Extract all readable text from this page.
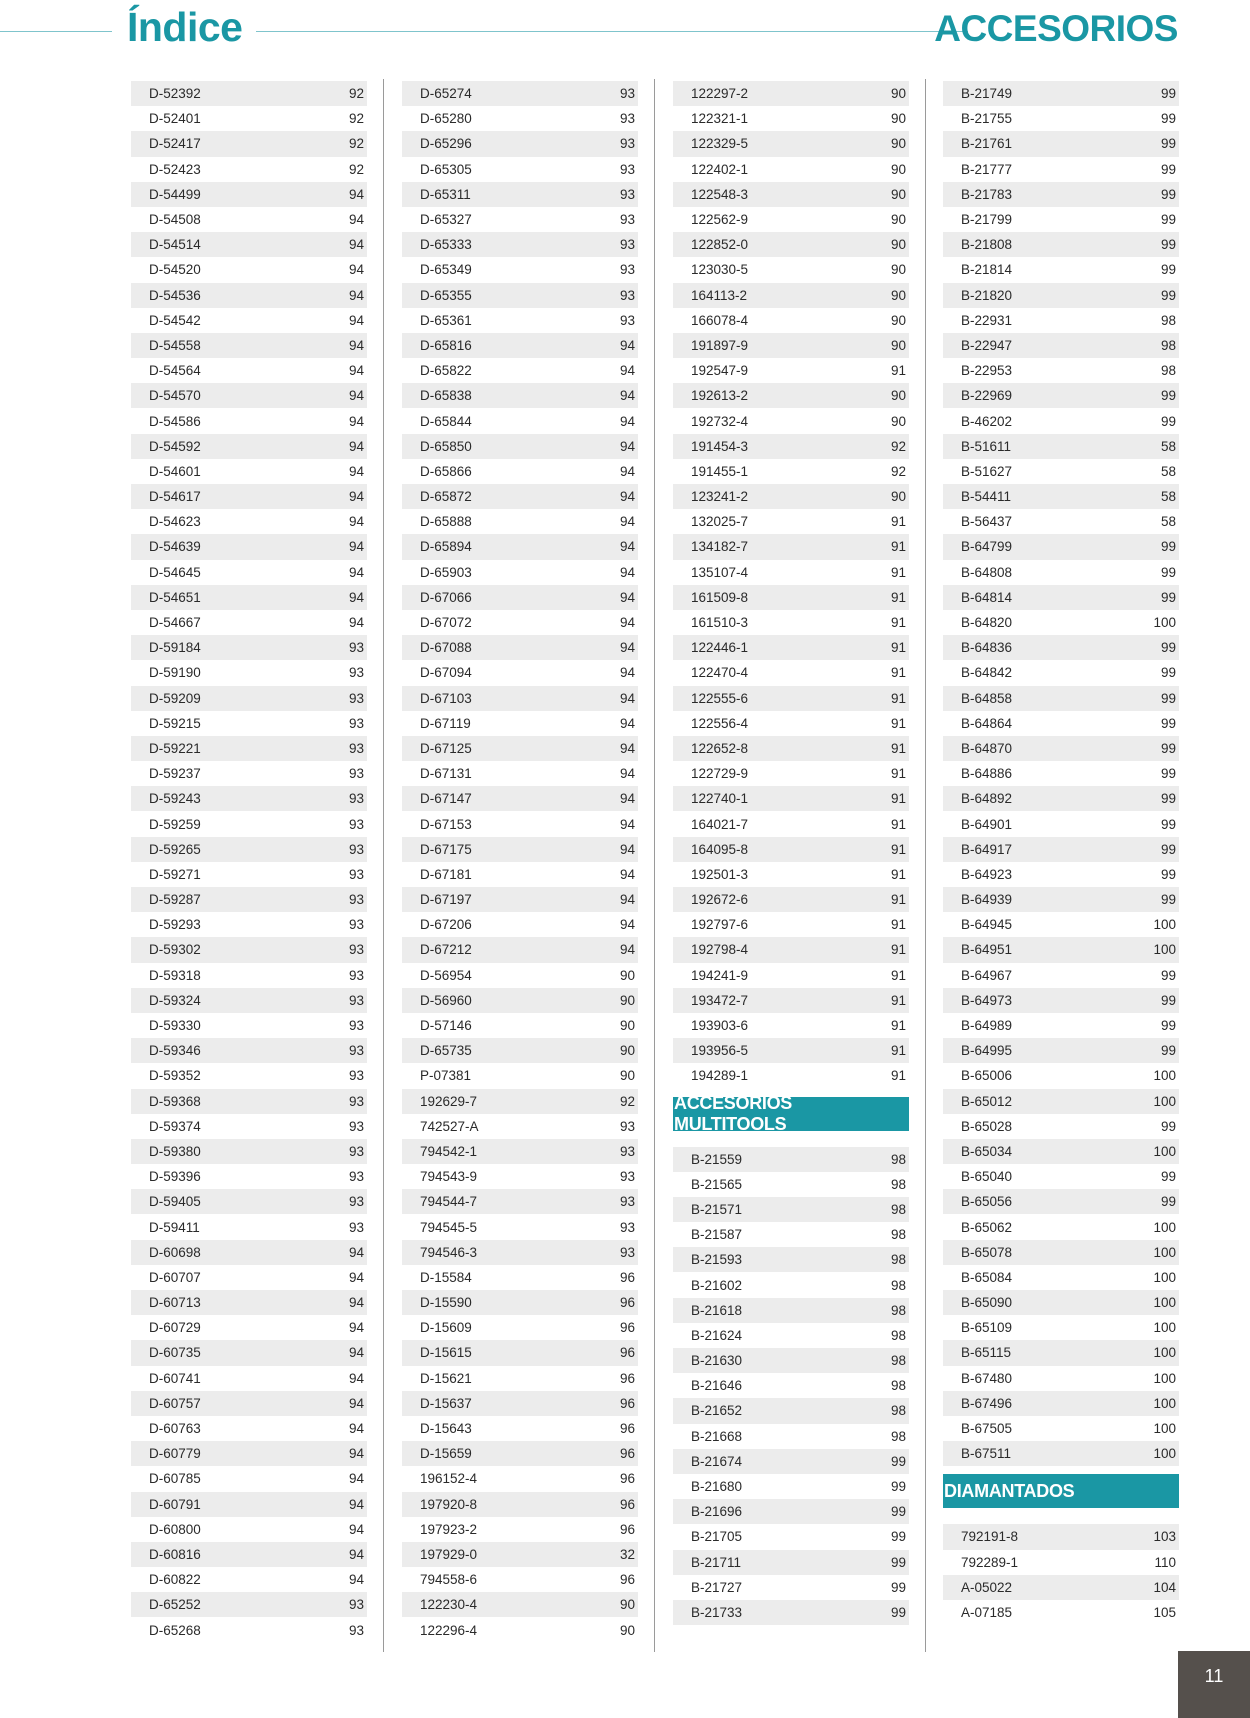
Índice	ACCESORIOS
D-52392	92
D-52401	92
D-52417	92
D-52423	92
D-54499	94
D-54508	94
D-54514	94
D-54520	94
D-54536	94
D-54542	94
D-54558	94
D-54564	94
D-54570	94
D-54586	94
D-54592	94
D-54601	94
D-54617	94
D-54623	94
D-54639	94
D-54645	94
D-54651	94
D-54667	94
D-59184	93
D-59190	93
D-59209	93
D-59215	93
D-59221	93
D-59237	93
D-59243	93
D-59259	93
D-59265	93
D-59271	93
D-59287	93
D-59293	93
D-59302	93
D-59318	93
D-59324	93
D-59330	93
D-59346	93
D-59352	93
D-59368	93
D-59374	93
D-59380	93
D-59396	93
D-59405	93
D-59411	93
D-60698	94
D-60707	94
D-60713	94
D-60729	94
D-60735	94
D-60741	94
D-60757	94
D-60763	94
D-60779	94
D-60785	94
D-60791	94
D-60800	94
D-60816	94
D-60822	94
D-65252	93
D-65268	93
D-65274	93
D-65280	93
D-65296	93
D-65305	93
D-65311	93
D-65327	93
D-65333	93
D-65349	93
D-65355	93
D-65361	93
D-65816	94
D-65822	94
D-65838	94
D-65844	94
D-65850	94
D-65866	94
D-65872	94
D-65888	94
D-65894	94
D-65903	94
D-67066	94
D-67072	94
D-67088	94
D-67094	94
D-67103	94
D-67119	94
D-67125	94
D-67131	94
D-67147	94
D-67153	94
D-67175	94
D-67181	94
D-67197	94
D-67206	94
D-67212	94
D-56954	90
D-56960	90
D-57146	90
D-65735	90
P-07381	90
192629-7	92
742527-A	93
794542-1	93
794543-9	93
794544-7	93
794545-5	93
794546-3	93
D-15584	96
D-15590	96
D-15609	96
D-15615	96
D-15621	96
D-15637	96
D-15643	96
D-15659	96
196152-4	96
197920-8	96
197923-2	96
197929-0	32
794558-6	96
122230-4	90
122296-4	90
122297-2	90
122321-1	90
122329-5	90
122402-1	90
122548-3	90
122562-9	90
122852-0	90
123030-5	90
164113-2	90
166078-4	90
191897-9	90
192547-9	91
192613-2	90
192732-4	90
191454-3	92
191455-1	92
123241-2	90
132025-7	91
134182-7	91
135107-4	91
161509-8	91
161510-3	91
122446-1	91
122470-4	91
122555-6	91
122556-4	91
122652-8	91
122729-9	91
122740-1	91
164021-7	91
164095-8	91
192501-3	91
192672-6	91
192797-6	91
192798-4	91
194241-9	91
193472-7	91
193903-6	91
193956-5	91
194289-1	91
ACCESORIOS MULTITOOLS
B-21559	98
B-21565	98
B-21571	98
B-21587	98
B-21593	98
B-21602	98
B-21618	98
B-21624	98
B-21630	98
B-21646	98
B-21652	98
B-21668	98
B-21674	99
B-21680	99
B-21696	99
B-21705	99
B-21711	99
B-21727	99
B-21733	99
B-21749	99
B-21755	99
B-21761	99
B-21777	99
B-21783	99
B-21799	99
B-21808	99
B-21814	99
B-21820	99
B-22931	98
B-22947	98
B-22953	98
B-22969	99
B-46202	99
B-51611	58
B-51627	58
B-54411	58
B-56437	58
B-64799	99
B-64808	99
B-64814	99
B-64820	100
B-64836	99
B-64842	99
B-64858	99
B-64864	99
B-64870	99
B-64886	99
B-64892	99
B-64901	99
B-64917	99
B-64923	99
B-64939	99
B-64945	100
B-64951	100
B-64967	99
B-64973	99
B-64989	99
B-64995	99
B-65006	100
B-65012	100
B-65028	99
B-65034	100
B-65040	99
B-65056	99
B-65062	100
B-65078	100
B-65084	100
B-65090	100
B-65109	100
B-65115	100
B-67480	100
B-67496	100
B-67505	100
B-67511	100
DIAMANTADOS
792191-8	103
792289-1	110
A-05022	104
A-07185	105
11
